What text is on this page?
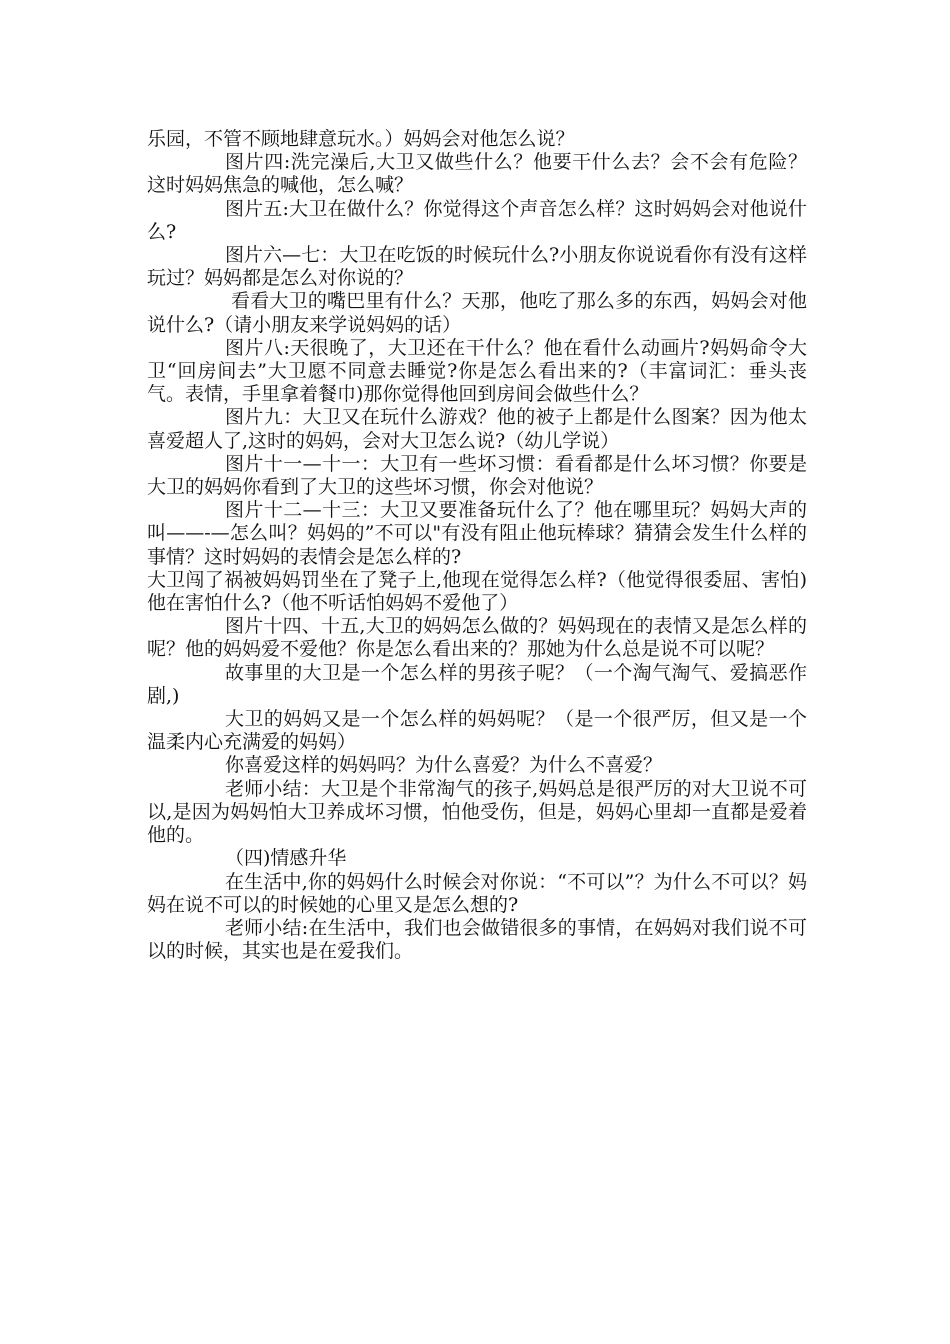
乐园，不管不顾地肆意玩水。）妈妈会对他怎么说？

图片四:洗完澡后,大卫又做些什么？他要干什么去？会不会有危险？这时妈妈焦急的喊他，怎么喊？

图片五:大卫在做什么？你觉得这个声音怎么样？这时妈妈会对他说什么?

图片六—七：大卫在吃饭的时候玩什么?小朋友你说说看你有没有这样玩过？妈妈都是怎么对你说的？

看看大卫的嘴巴里有什么？天那，他吃了那么多的东西，妈妈会对他说什么?（请小朋友来学说妈妈的话）

图片八:天很晚了，大卫还在干什么？他在看什么动画片?妈妈命令大卫“回房间去”大卫愿不同意去睡觉?你是怎么看出来的?（丰富词汇：垂头丧气。表情，手里拿着餐巾)那你觉得他回到房间会做些什么？

图片九：大卫又在玩什么游戏？他的被子上都是什么图案？因为他太喜爱超人了,这时的妈妈，会对大卫怎么说?（幼儿学说）

图片十一—十一：大卫有一些坏习惯：看看都是什么坏习惯？你要是大卫的妈妈你看到了大卫的这些坏习惯，你会对他说？

图片十二—十三：大卫又要准备玩什么了？他在哪里玩？妈妈大声的叫——-—怎么叫？妈妈的”不可以"有没有阻止他玩棒球？猜猜会发生什么样的事情？这时妈妈的表情会是怎么样的?

大卫闯了祸被妈妈罚坐在了凳子上,他现在觉得怎么样?（他觉得很委屈、害怕)他在害怕什么?（他不听话怕妈妈不爱他了）

图片十四、十五,大卫的妈妈怎么做的？妈妈现在的表情又是怎么样的呢？他的妈妈爱不爱他？你是怎么看出来的？那她为什么总是说不可以呢？

故事里的大卫是一个怎么样的男孩子呢？（一个淘气淘气、爱搞恶作剧,)

大卫的妈妈又是一个怎么样的妈妈呢？（是一个很严厉，但又是一个温柔内心充满爱的妈妈）

你喜爱这样的妈妈吗？为什么喜爱？为什么不喜爱？

老师小结：大卫是个非常淘气的孩子,妈妈总是很严厉的对大卫说不可以,是因为妈妈怕大卫养成坏习惯，怕他受伤，但是，妈妈心里却一直都是爱着他的。

（四)情感升华

在生活中,你的妈妈什么时候会对你说：“不可以”？为什么不可以？妈妈在说不可以的时候她的心里又是怎么想的?

老师小结:在生活中，我们也会做错很多的事情，在妈妈对我们说不可以的时候，其实也是在爱我们。
